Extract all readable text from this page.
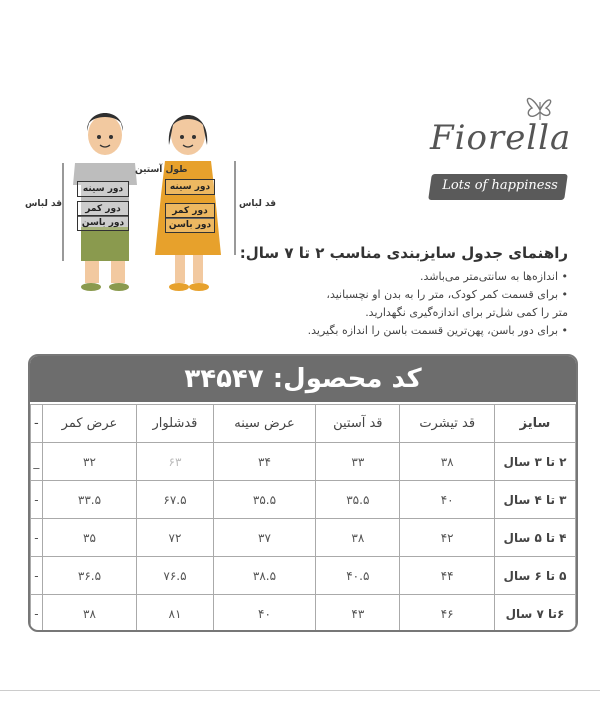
Fiorella
Lots of happiness
قد لباس
طول آستین
دور سینه
دور کمر
دور باسن
قد لباس
دور سینه
دور کمر
دور باسن
راهنمای جدول سایزبندی مناسب ۲ تا ۷ سال:
• اندازه‌ها به سانتی‌متر می‌باشد.
• برای قسمت کمر کودک، متر را به بدن او نچسبانید،
متر را کمی شل‌تر برای اندازه‌گیری نگهدارید.
• برای دور باسن، پهن‌ترین قسمت باسن را اندازه بگیرید.
کد محصول: ۳۴۵۴۷
سایز	قد تیشرت	قد آستین	عرض سینه	قدشلوار	عرض کمر	-
۲ تا ۳ سال	۳۸	۳۳	۳۴	۶۳	۳۲	_
۳ تا ۴ سال	۴۰	۳۵.۵	۳۵.۵	۶۷.۵	۳۳.۵	-
۴ تا ۵ سال	۴۲	۳۸	۳۷	۷۲	۳۵	-
۵ تا ۶ سال	۴۴	۴۰.۵	۳۸.۵	۷۶.۵	۳۶.۵	-
۶تا ۷ سال	۴۶	۴۳	۴۰	۸۱	۳۸	-
